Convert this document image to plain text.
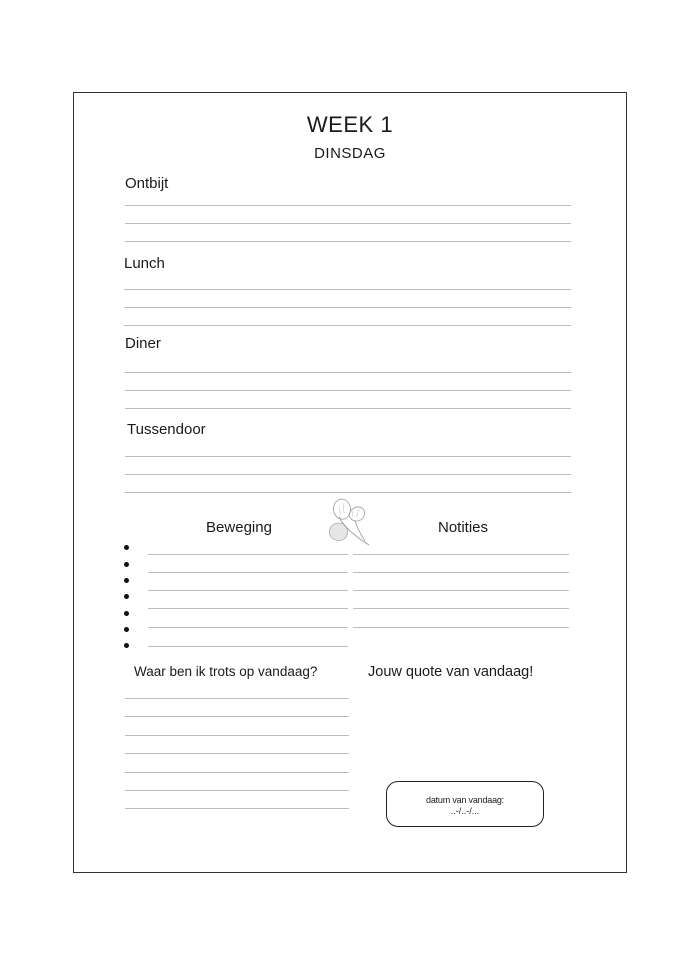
WEEK 1
DINSDAG
Ontbijt
Lunch
Diner
Tussendoor
Beweging	Notities
Waar ben ik trots op vandaag?	Jouw quote van vandaag!
datum van vandaag:
..-/..-/...
